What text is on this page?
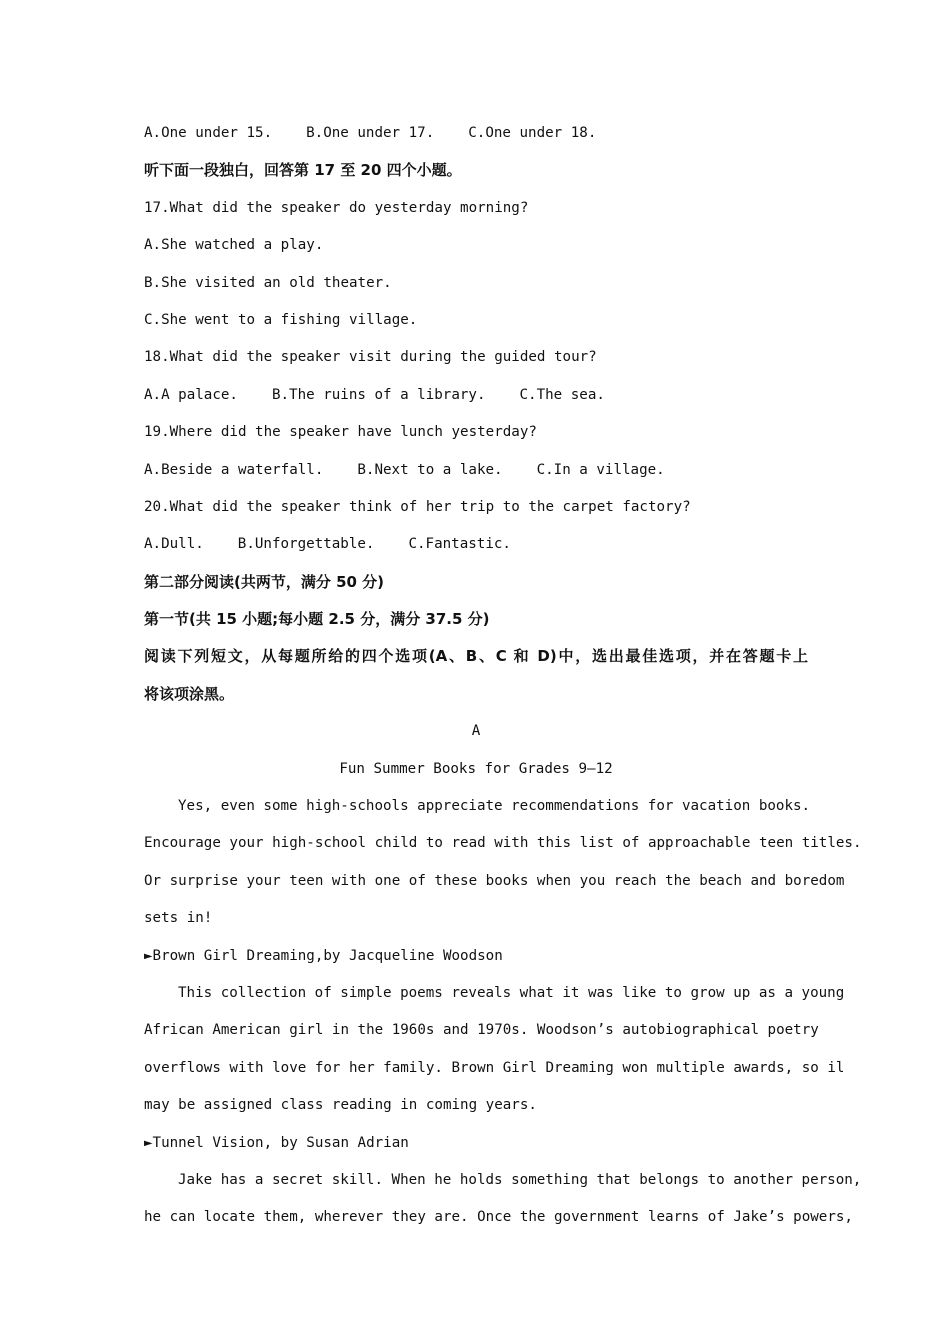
A.One under 15. B.One under 17. C.One under 18.
听下面一段独白，回答第 17 至 20 四个小题。
17.What did the speaker do yesterday morning?
A.She watched a play.
B.She visited an old theater.
C.She went to a fishing village.
18.What did the speaker visit during the guided tour?
A.A palace. B.The ruins of a library. C.The sea.
19.Where did the speaker have lunch yesterday?
A.Beside a waterfall. B.Next to a lake. C.In a village.
20.What did the speaker think of her trip to the carpet factory?
A.Dull. B.Unforgettable. C.Fantastic.
第二部分阅读(共两节，满分 50 分)
第一节(共 15 小题;每小题 2.5 分，满分 37.5 分)
阅读下列短文，从每题所给的四个选项(A、B、C 和 D)中，选出最佳选项，并在答题卡上
将该项涂黑。
A
Fun Summer Books for Grades 9—12
Yes, even some high-schools appreciate recommendations for vacation books.
Encourage your high-school child to read with this list of approachable teen titles.
Or surprise your teen with one of these books when you reach the beach and boredom
sets in!
►Brown Girl Dreaming,by Jacqueline Woodson
This collection of simple poems reveals what it was like to grow up as a young
African American girl in the 1960s and 1970s. Woodson’s autobiographical poetry
overflows with love for her family. Brown Girl Dreaming won multiple awards, so il
may be assigned class reading in coming years.
►Tunnel Vision, by Susan Adrian
Jake has a secret skill. When he holds something that belongs to another person,
he can locate them, wherever they are. Once the government learns of Jake’s powers,
